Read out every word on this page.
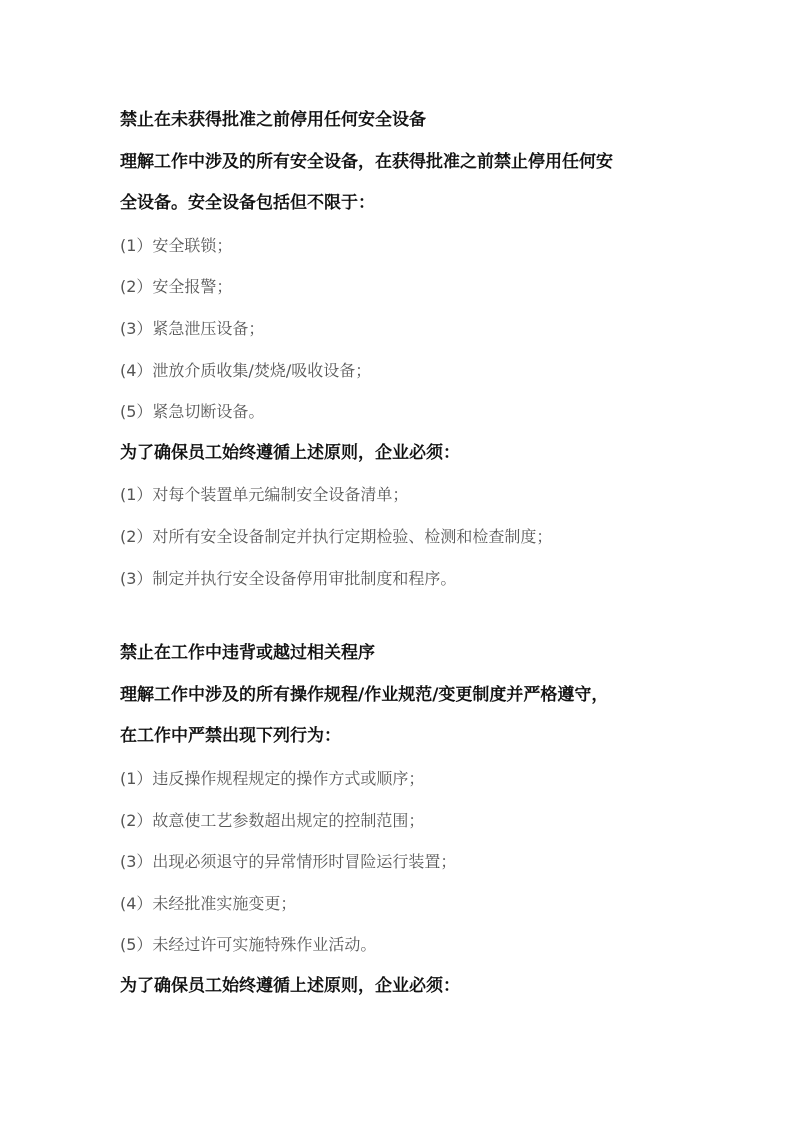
禁止在未获得批准之前停用任何安全设备
理解工作中涉及的所有安全设备，在获得批准之前禁止停用任何安
全设备。安全设备包括但不限于：
(1）安全联锁；
(2）安全报警；
(3）紧急泄压设备；
(4）泄放介质收集/焚烧/吸收设备；
(5）紧急切断设备。
为了确保员工始终遵循上述原则，企业必须：
(1）对每个装置单元编制安全设备清单；
(2）对所有安全设备制定并执行定期检验、检测和检查制度；
(3）制定并执行安全设备停用审批制度和程序。
禁止在工作中违背或越过相关程序
理解工作中涉及的所有操作规程/作业规范/变更制度并严格遵守，
在工作中严禁出现下列行为：
(1）违反操作规程规定的操作方式或顺序；
(2）故意使工艺参数超出规定的控制范围；
(3）出现必须退守的异常情形时冒险运行装置；
(4）未经批准实施变更；
(5）未经过许可实施特殊作业活动。
为了确保员工始终遵循上述原则，企业必须：
